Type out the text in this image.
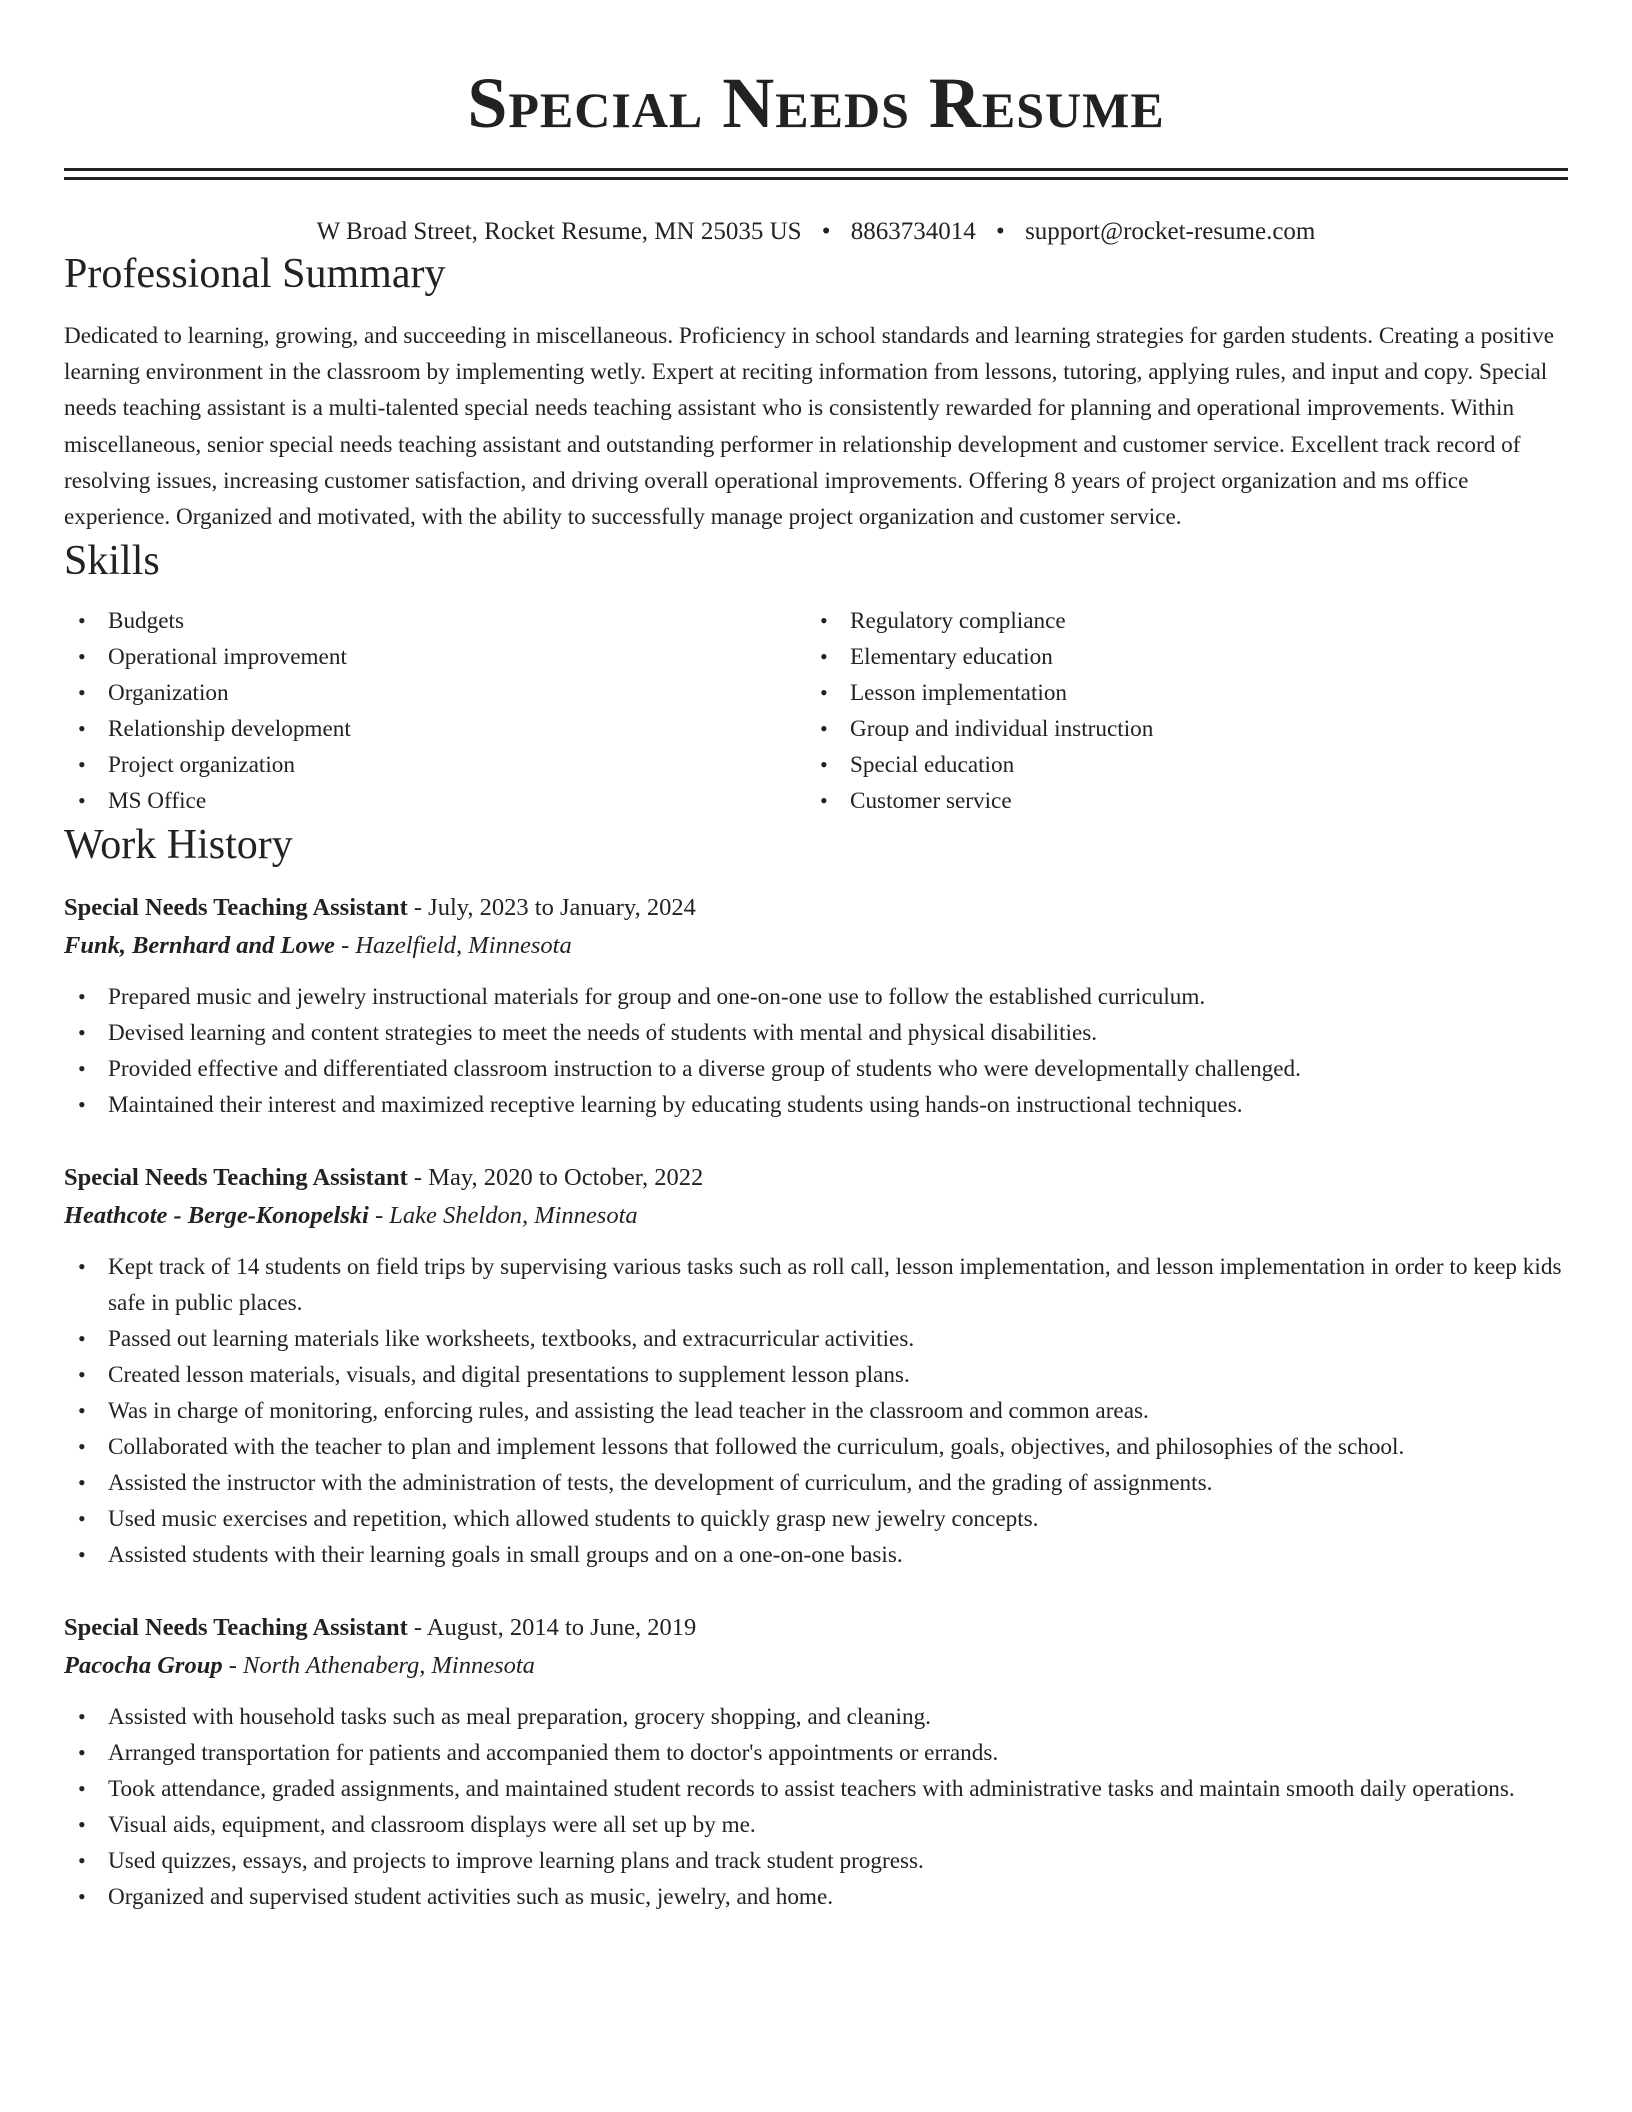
Special Needs Resume
W Broad Street, Rocket Resume, MN 25035 US • 8863734014 • support@rocket-resume.com
Professional Summary

Dedicated to learning, growing, and succeeding in miscellaneous. Proficiency in school standards and learning strategies for garden students. Creating a positive learning environment in the classroom by implementing wetly. Expert at reciting information from lessons, tutoring, applying rules, and input and copy. Special needs teaching assistant is a multi-talented special needs teaching assistant who is consistently rewarded for planning and operational improvements. Within miscellaneous, senior special needs teaching assistant and outstanding performer in relationship development and customer service. Excellent track record of resolving issues, increasing customer satisfaction, and driving overall operational improvements. Offering 8 years of project organization and ms office experience. Organized and motivated, with the ability to successfully manage project organization and customer service.

Skills
• Budgets
• Operational improvement
• Organization
• Relationship development
• Project organization
• MS Office
• Regulatory compliance
• Elementary education
• Lesson implementation
• Group and individual instruction
• Special education
• Customer service
Work History
Special Needs Teaching Assistant - July, 2023 to January, 2024
Funk, Bernhard and Lowe - Hazelfield, Minnesota
• Prepared music and jewelry instructional materials for group and one-on-one use to follow the established curriculum.
• Devised learning and content strategies to meet the needs of students with mental and physical disabilities.
• Provided effective and differentiated classroom instruction to a diverse group of students who were developmentally challenged.
• Maintained their interest and maximized receptive learning by educating students using hands-on instructional techniques.
Special Needs Teaching Assistant - May, 2020 to October, 2022
Heathcote - Berge-Konopelski - Lake Sheldon, Minnesota
• Kept track of 14 students on field trips by supervising various tasks such as roll call, lesson implementation, and lesson implementation in order to keep kids safe in public places.
• Passed out learning materials like worksheets, textbooks, and extracurricular activities.
• Created lesson materials, visuals, and digital presentations to supplement lesson plans.
• Was in charge of monitoring, enforcing rules, and assisting the lead teacher in the classroom and common areas.
• Collaborated with the teacher to plan and implement lessons that followed the curriculum, goals, objectives, and philosophies of the school.
• Assisted the instructor with the administration of tests, the development of curriculum, and the grading of assignments.
• Used music exercises and repetition, which allowed students to quickly grasp new jewelry concepts.
• Assisted students with their learning goals in small groups and on a one-on-one basis.
Special Needs Teaching Assistant - August, 2014 to June, 2019
Pacocha Group - North Athenaberg, Minnesota
• Assisted with household tasks such as meal preparation, grocery shopping, and cleaning.
• Arranged transportation for patients and accompanied them to doctor's appointments or errands.
• Took attendance, graded assignments, and maintained student records to assist teachers with administrative tasks and maintain smooth daily operations.
• Visual aids, equipment, and classroom displays were all set up by me.
• Used quizzes, essays, and projects to improve learning plans and track student progress.
• Organized and supervised student activities such as music, jewelry, and home.
